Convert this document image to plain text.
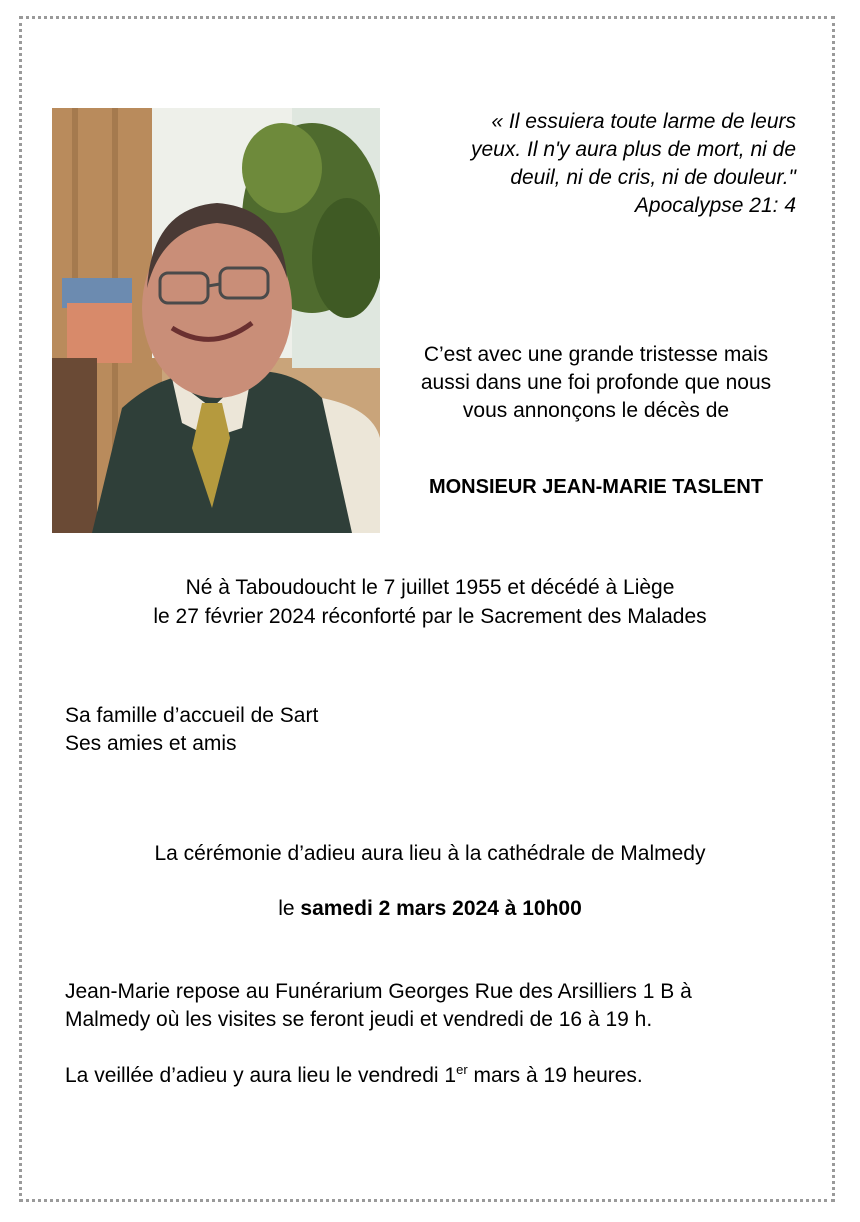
« Il essuiera toute larme de leurs
yeux. Il n'y aura plus de mort, ni de
deuil, ni de cris, ni de douleur."
Apocalypse 21: 4
C’est avec une grande tristesse mais
aussi dans une foi profonde que nous
vous annonçons le décès de
MONSIEUR JEAN-MARIE TASLENT
Né à Taboudoucht le 7 juillet 1955 et décédé à Liège
le 27 février 2024 réconforté par le Sacrement des Malades
Sa famille d’accueil de Sart
Ses amies et amis
La cérémonie d’adieu aura lieu à la cathédrale de Malmedy
le samedi 2 mars 2024 à 10h00
Jean-Marie repose au Funérarium Georges Rue des Arsilliers 1 B à
Malmedy où les visites se feront jeudi et vendredi de 16 à 19 h.
La veillée d’adieu y aura lieu le vendredi 1er mars à 19 heures.
